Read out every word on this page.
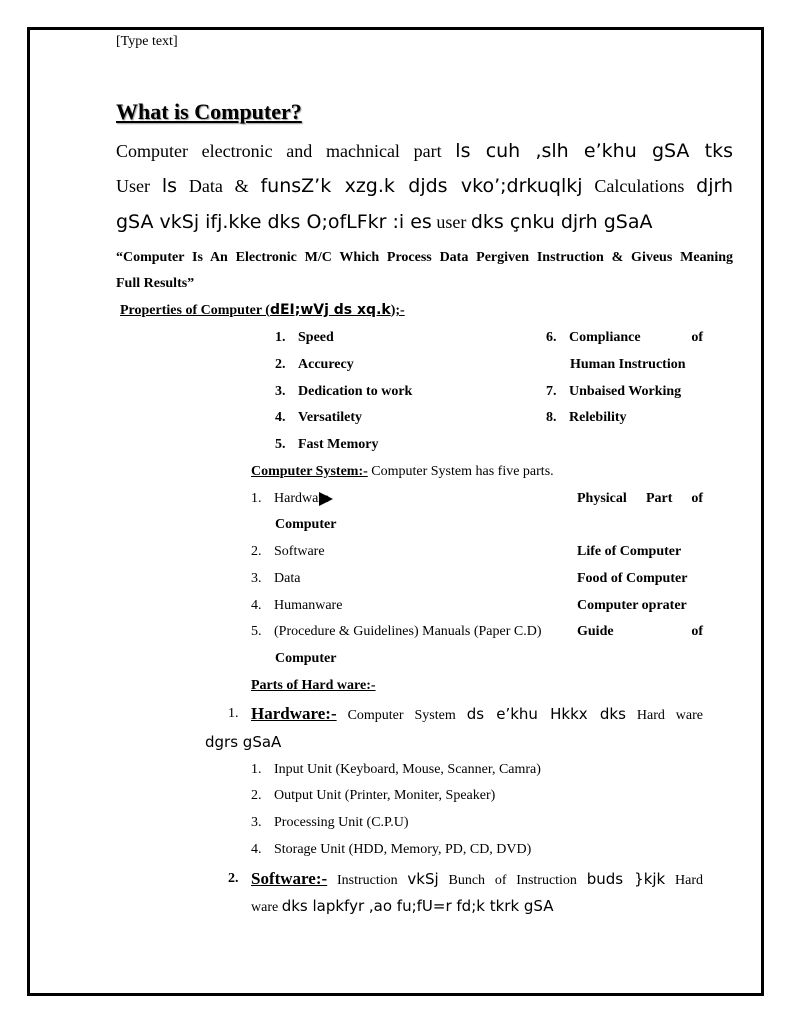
[Type text]
What is Computer?
Computer electronic and machnical part ls cuh ,slh e’khu gSA tks
User ls Data & funsZ’k xzg.k djds vko’;drkuqlkj Calculations djrh
gSA vkSj ifj.kke dks O;ofLFkr :i es user dks çnku djrh gSaA
“Computer Is An Electronic M/C Which Process Data Pergiven Instruction & Giveus Meaning
Full Results”
Properties of Computer (dEI;wVj ds xq.k);-
1. Speed
2. Accurecy
3. Dedication to work
4. Versatilety
5. Fast Memory
6. Compliance	of
Human Instruction
7. Unbaised Working
8. Relebility
Computer System:- Computer System has five parts.
1. Hardware	Physical Part of
Computer
2. Software	Life of Computer
3. Data	Food of Computer
4. Humanware	Computer oprater
5. (Procedure & Guidelines) Manuals (Paper C.D)	Guide	of
Computer
Parts of Hard ware:-
1. Hardware:- Computer System ds e’khu Hkkx dks Hard ware
dgrs gSaA
1. Input Unit (Keyboard, Mouse, Scanner, Camra)
2. Output Unit (Printer, Moniter, Speaker)
3. Processing Unit (C.P.U)
4. Storage Unit (HDD, Memory, PD, CD, DVD)
2. Software:- Instruction vkSj Bunch of Instruction buds }kjk Hard
ware dks lapkfyr ,ao fu;fU=r fd;k tkrk gSA
